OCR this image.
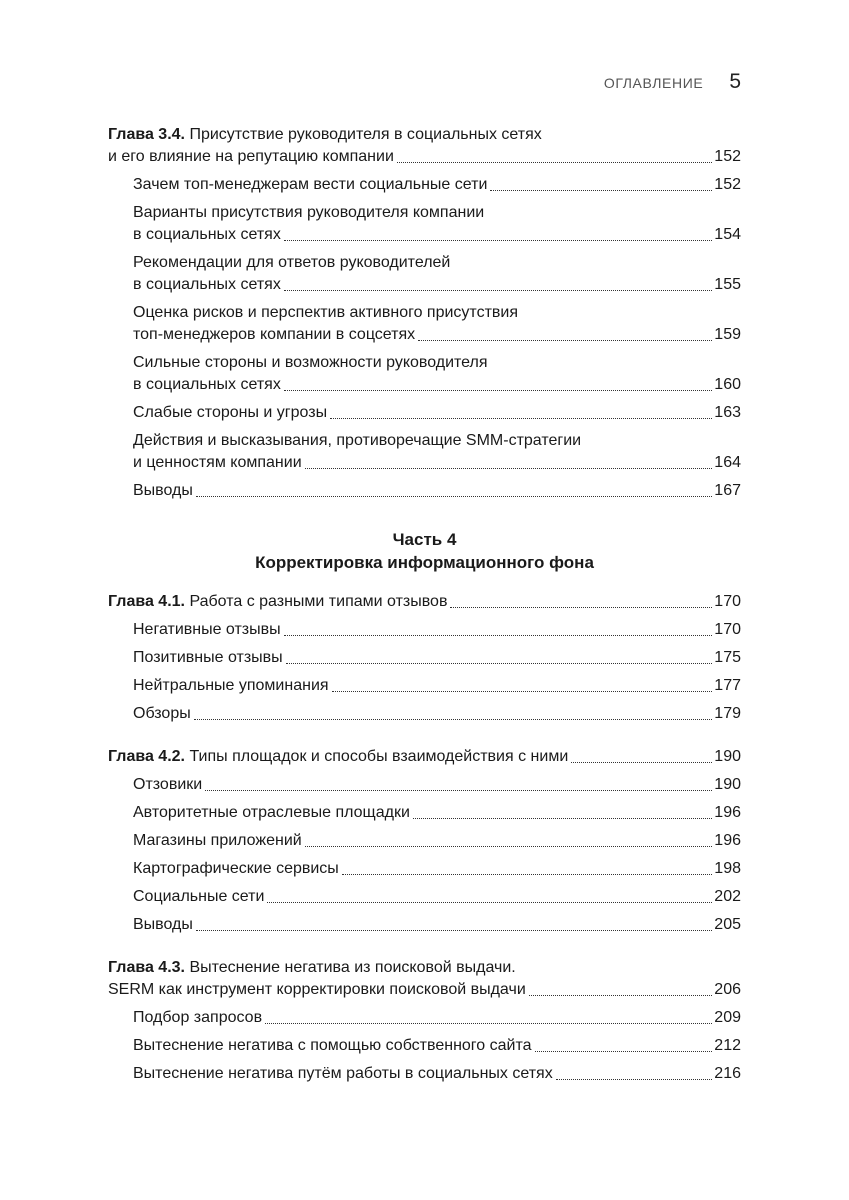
ОГЛАВЛЕНИЕ 5
Глава 3.4. Присутствие руководителя в социальных сетях
и его влияние на репутацию компании	152
Зачем топ-менеджерам вести социальные сети	152
Варианты присутствия руководителя компании
в социальных сетях	154
Рекомендации для ответов руководителей
в социальных сетях	155
Оценка рисков и перспектив активного присутствия
топ-менеджеров компании в соцсетях	159
Сильные стороны и возможности руководителя
в социальных сетях	160
Слабые стороны и угрозы	163
Действия и высказывания, противоречащие SMM-стратегии
и ценностям компании	164
Выводы	167
Часть 4
Корректировка информационного фона
Глава 4.1. Работа с разными типами отзывов	170
Негативные отзывы	170
Позитивные отзывы	175
Нейтральные упоминания	177
Обзоры	179
Глава 4.2. Типы площадок и способы взаимодействия с ними	190
Отзовики	190
Авторитетные отраслевые площадки	196
Магазины приложений	196
Картографические сервисы	198
Социальные сети	202
Выводы	205
Глава 4.3. Вытеснение негатива из поисковой выдачи.
SERM как инструмент корректировки поисковой выдачи	206
Подбор запросов	209
Вытеснение негатива с помощью собственного сайта	212
Вытеснение негатива путём работы в социальных сетях	216
